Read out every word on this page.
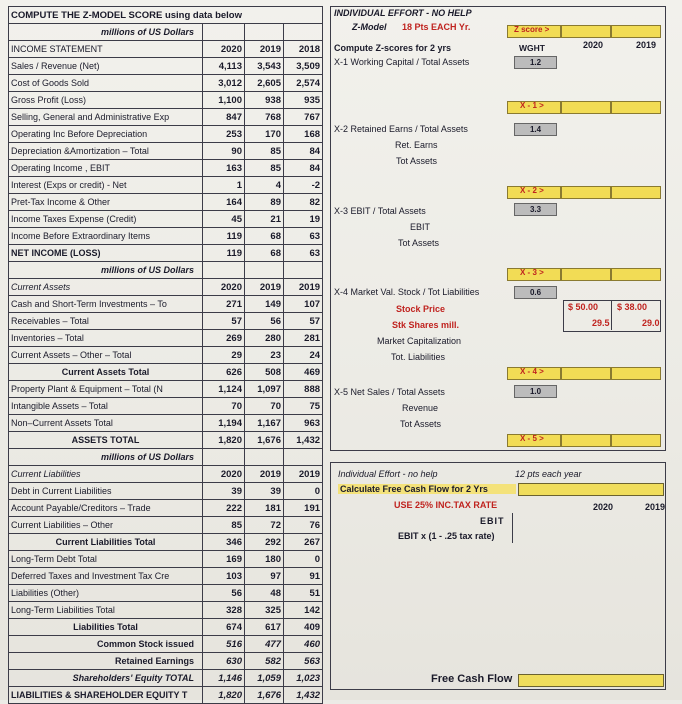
COMPUTE THE Z-MODEL SCORE using data below			
millions of US Dollars			
INCOME STATEMENT	2020	2019	2018
Sales / Revenue (Net)	4,113	3,543	3,509
Cost of Goods Sold	3,012	2,605	2,574
Gross Profit (Loss)	1,100	938	935
Selling, General and Administrative Exp	847	768	767
Operating Inc Before Depreciation	253	170	168
Depreciation &Amortization – Total	90	85	84
Operating Income , EBIT	163	85	84
Interest (Exps or credit) - Net	1	4	-2
Pret-Tax Income & Other	164	89	82
Income Taxes Expense (Credit)	45	21	19
Income Before Extraordinary Items	119	68	63
NET INCOME (LOSS)	119	68	63
millions of US Dollars			
Current Assets	2020	2019	2019
Cash and Short-Term Investments – To	271	149	107
Receivables – Total	57	56	57
Inventories – Total	269	280	281
Current Assets – Other – Total	29	23	24
Current Assets Total	626	508	469
Property Plant & Equipment – Total (N	1,124	1,097	888
Intangible Assets – Total	70	70	75
Non–Current Assets Total	1,194	1,167	963
ASSETS TOTAL	1,820	1,676	1,432
millions of US Dollars			
Current Liabilities	2020	2019	2019
Debt in Current Liabilities	39	39	0
Account Payable/Creditors – Trade	222	181	191
Current Liabilities – Other	85	72	76
Current Liabilities Total	346	292	267
Long-Term Debt Total	169	180	0
Deferred Taxes and Investment Tax Cre	103	97	91
Liabilities (Other)	56	48	51
Long-Term Liabilities Total	328	325	142
Liabilities Total	674	617	409
Common Stock issued	516	477	460
Retained Earnings	630	582	563
Shareholders' Equity TOTAL	1,146	1,059	1,023
LIABILITIES & SHAREHOLDER EQUITY T	1,820	1,676	1,432
INDIVIDUAL EFFORT - NO HELP
Z-Model 18 Pts EACH Yr.
Compute Z-scores for 2 yrs
X-1 Working Capital / Total Assets
Z score >
WGHT	2020	2019
1.2
X - 1 >
X-2 Retained Earns / Total Assets	1.4
Ret. Earns
Tot Assets
X - 2 >
X-3 EBIT / Total Assets	3.3
EBIT
Tot Assets
X - 3 >
X-4 Market Val. Stock / Tot Liabilities	0.6
Stock Price
Stk Shares mill.
Market Capitalization
Tot. Liabilities
$ 50.00 $ 38.00
29.5	29.0
X - 4 >
X-5 Net Sales / Total Assets	1.0
Revenue
Tot Assets
X - 5 >
Individual Effort - no help	12 pts each year
Calculate Free Cash Flow for 2 Yrs
USE 25% INC.TAX RATE	2020	2019
EBIT
EBIT x (1 - .25 tax rate)
Free Cash Flow
